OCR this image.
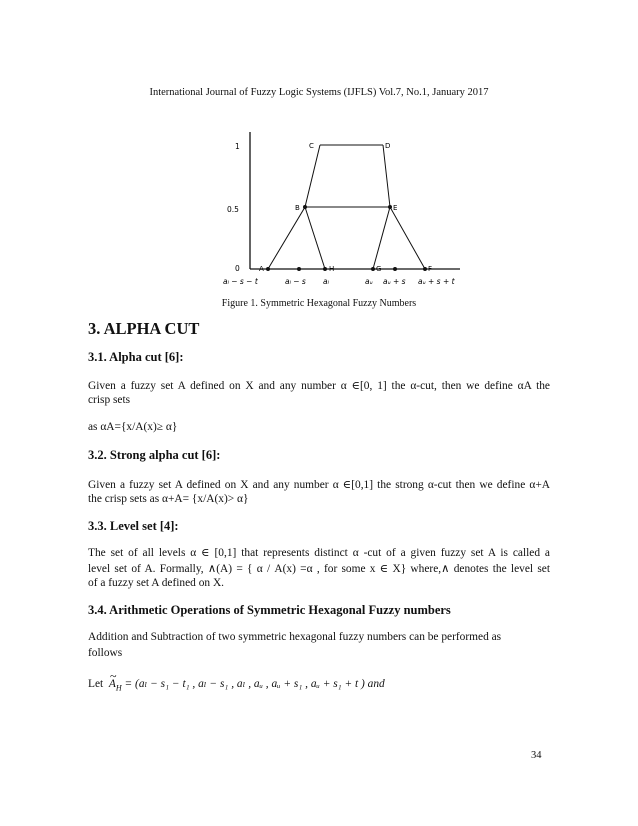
International Journal of Fuzzy Logic Systems (IJFLS) Vol.7, No.1, January 2017
1
0.5
0
C	D
B	E
A	H	G	F
aₗ − s − t	aₗ − s aₗ	aᵤ aᵤ + s aᵤ + s + t
Figure 1. Symmetric Hexagonal Fuzzy Numbers
3. ALPHA CUT
3.1. Alpha cut [6]:
Given a fuzzy set A defined on X and any number α ∈[0, 1] the α-cut, then we define αA the
crisp sets
as αA={x/A(x)≥ α}
3.2. Strong alpha cut [6]:
Given a fuzzy set A defined on X and any number α ∈[0,1] the strong α-cut then we define α+A
the crisp sets as α+A= {x/A(x)> α}
3.3. Level set [4]:
The set of all levels α ∈ [0,1] that represents distinct α -cut of a given fuzzy set A is called a
level set of A. Formally, ∧(A) = { α / A(x) =α , for some x ∈ X} where,∧ denotes the level set
of a fuzzy set A defined on X.
3.4. Arithmetic Operations of Symmetric Hexagonal Fuzzy numbers
Addition and Subtraction of two symmetric hexagonal fuzzy numbers can be performed as
follows
Let  ~ $A_H = (a_l - s_1 - t_1$ , aₗ − s₁ , aₗ , aᵤ , aᵤ + s₁ , aᵤ + s₁ + t ) and
34
